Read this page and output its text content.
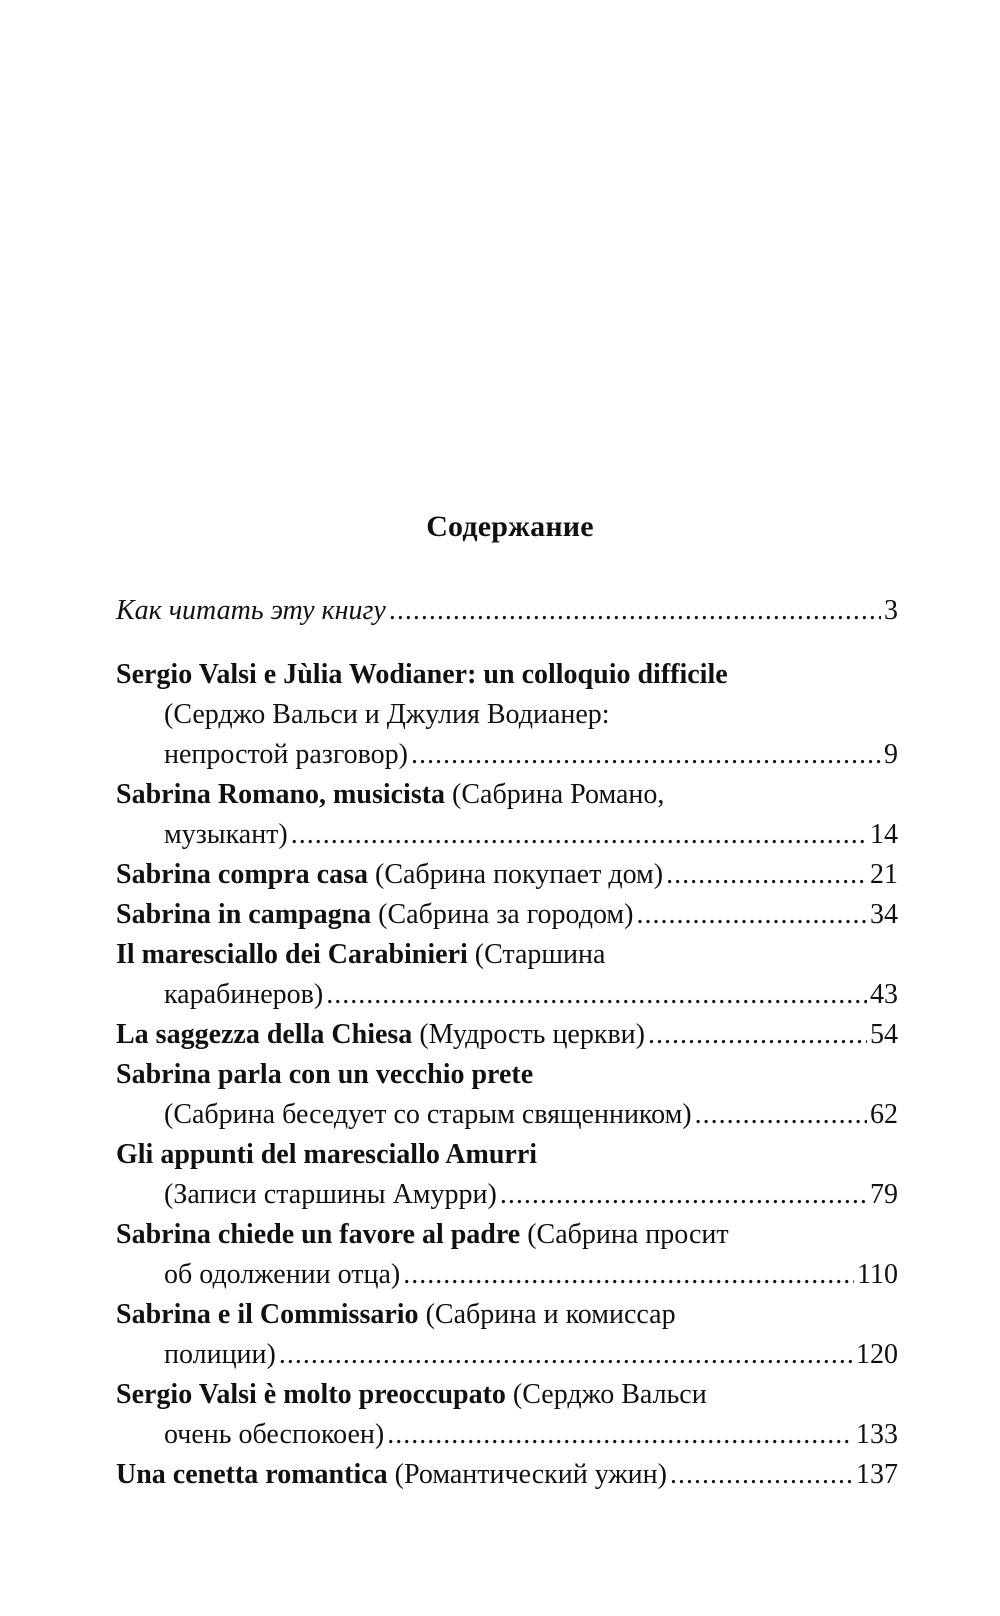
Содержание
Как читать эту книгу .....	3
Sergio Valsi e Jùlia Wodianer: un colloquio difficile
(Серджо Вальси и Джулия Водианер:
непростой разговор) .....	9
Sabrina Romano, musicista (Сабрина Романо,
музыкант) .....	14
Sabrina compra casa (Сабрина покупает дом) .....	21
Sabrina in campagna (Сабрина за городом) .....	34
Il maresciallo dei Carabinieri (Старшина
карабинеров) .....	43
La saggezza della Chiesa (Мудрость церкви) .....	54
Sabrina parla con un vecchio prete
(Сабрина беседует со старым священником) .....	62
Gli appunti del maresciallo Amurri
(Записи старшины Амурри) .....	79
Sabrina chiede un favore al padre (Сабрина просит
об одолжении отца) .....	110
Sabrina e il Commissario (Сабрина и комиссар
полиции) .....	120
Sergio Valsi è molto preoccupato (Серджо Вальси
очень обеспокоен) .....	133
Una cenetta romantica (Романтический ужин) .....	137
